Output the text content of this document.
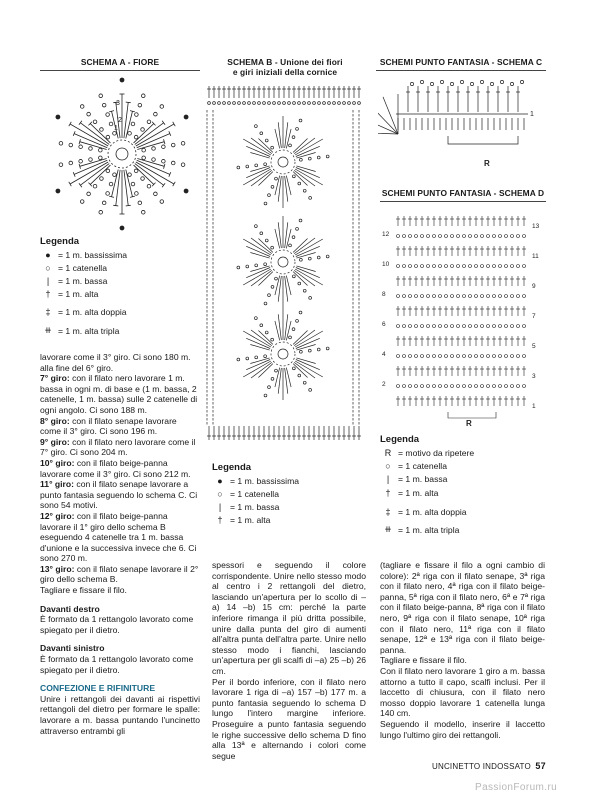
SCHEMA A - FIORE
3
2
1
Legenda
● = 1 m. bassissima
○ = 1 catenella
|	= 1 m. bassa
† = 1 m. alta
‡ = 1 m. alta doppia
⧺ = 1 m. alta tripla

lavorare come il 3° giro. Ci sono 180 m. alla fine del 6° giro.

7° giro: con il filato nero lavorare 1 m. bassa in ogni m. di base e (1 m. bassa, 2 catenelle, 1 m. bassa) sulle 2 catenelle di ogni angolo. Ci sono 188 m.

8° giro: con il filato senape lavorare come il 3° giro. Ci sono 196 m.

9° giro: con il filato nero lavorare come il 7° giro. Ci sono 204 m.

10° giro: con il filato beige-panna lavorare come il 3° giro. Ci sono 212 m.

11° giro: con il filato senape lavorare a punto fantasia seguendo lo schema C. Ci sono 54 motivi.

12° giro: con il filato beige-panna lavorare il 1° giro dello schema B eseguendo 4 catenelle tra 1 m. bassa d'unione e la successiva invece che 6. Ci sono 270 m.

13° giro: con il filato senape lavorare il 2° giro dello schema B.

Tagliare e fissare il filo.

Davanti destro

È formato da 1 rettangolo lavorato come spiegato per il dietro.

Davanti sinistro

È formato da 1 rettangolo lavorato come spiegato per il dietro.

CONFEZIONE E RIFINITURE

Unire i rettangoli dei davanti ai rispettivi rettangoli del dietro per formare le spalle: lavorare a m. bassa puntando l'uncinetto attraverso entrambi gli

SCHEMA B - Unione dei fiori
e giri iniziali della cornice
Legenda
● = 1 m. bassissima
○ = 1 catenella
|	= 1 m. bassa
† = 1 m. alta

spessori e seguendo il colore corrispondente. Unire nello stesso modo al centro i 2 rettangoli del dietro, lasciando un'apertura per lo scollo di ‒a) 14 ‒b) 15 cm: perché la parte inferiore rimanga il più dritta possibile, unire dalla punta del giro di aumenti all'altra punta dell'altra parte. Unire nello stesso modo i fianchi, lasciando un'apertura per gli scalfi di ‒a) 25 ‒b) 26 cm.

Per il bordo inferiore, con il filato nero lavorare 1 riga di ‒a) 157 ‒b) 177 m. a punto fantasia seguendo lo schema D lungo l'intero margine inferiore. Proseguire a punto fantasia seguendo le righe successive dello schema D fino alla 13ª e alternando i colori come segue

SCHEMI PUNTO FANTASIA - SCHEMA C
1
R
SCHEMI PUNTO FANTASIA - SCHEMA D
12
10
8
6
4
2
13
11
9
7
5
3
1
R
Legenda
R = motivo da ripetere
○ = 1 catenella
|	= 1 m. bassa
† = 1 m. alta
‡ = 1 m. alta doppia
⧺ = 1 m. alta tripla

(tagliare e fissare il filo a ogni cambio di colore): 2ª riga con il filato senape, 3ª riga con il filato nero, 4ª riga con il filato beige-panna, 5ª riga con il filato nero, 6ª e 7ª riga con il filato beige-panna, 8ª riga con il filato nero, 9ª riga con il filato senape, 10ª riga con il filato nero, 11ª riga con il filato senape, 12ª e 13ª riga con il filato beige-panna.

Tagliare e fissare il filo.

Con il filato nero lavorare 1 giro a m. bassa attorno a tutto il capo, scalfi inclusi. Per il laccetto di chiusura, con il filato nero mosso doppio lavorare 1 catenella lunga 140 cm.

Seguendo il modello, inserire il laccetto lungo l'ultimo giro dei rettangoli.

UNCINETTO INDOSSATO 57
PassionForum.ru
